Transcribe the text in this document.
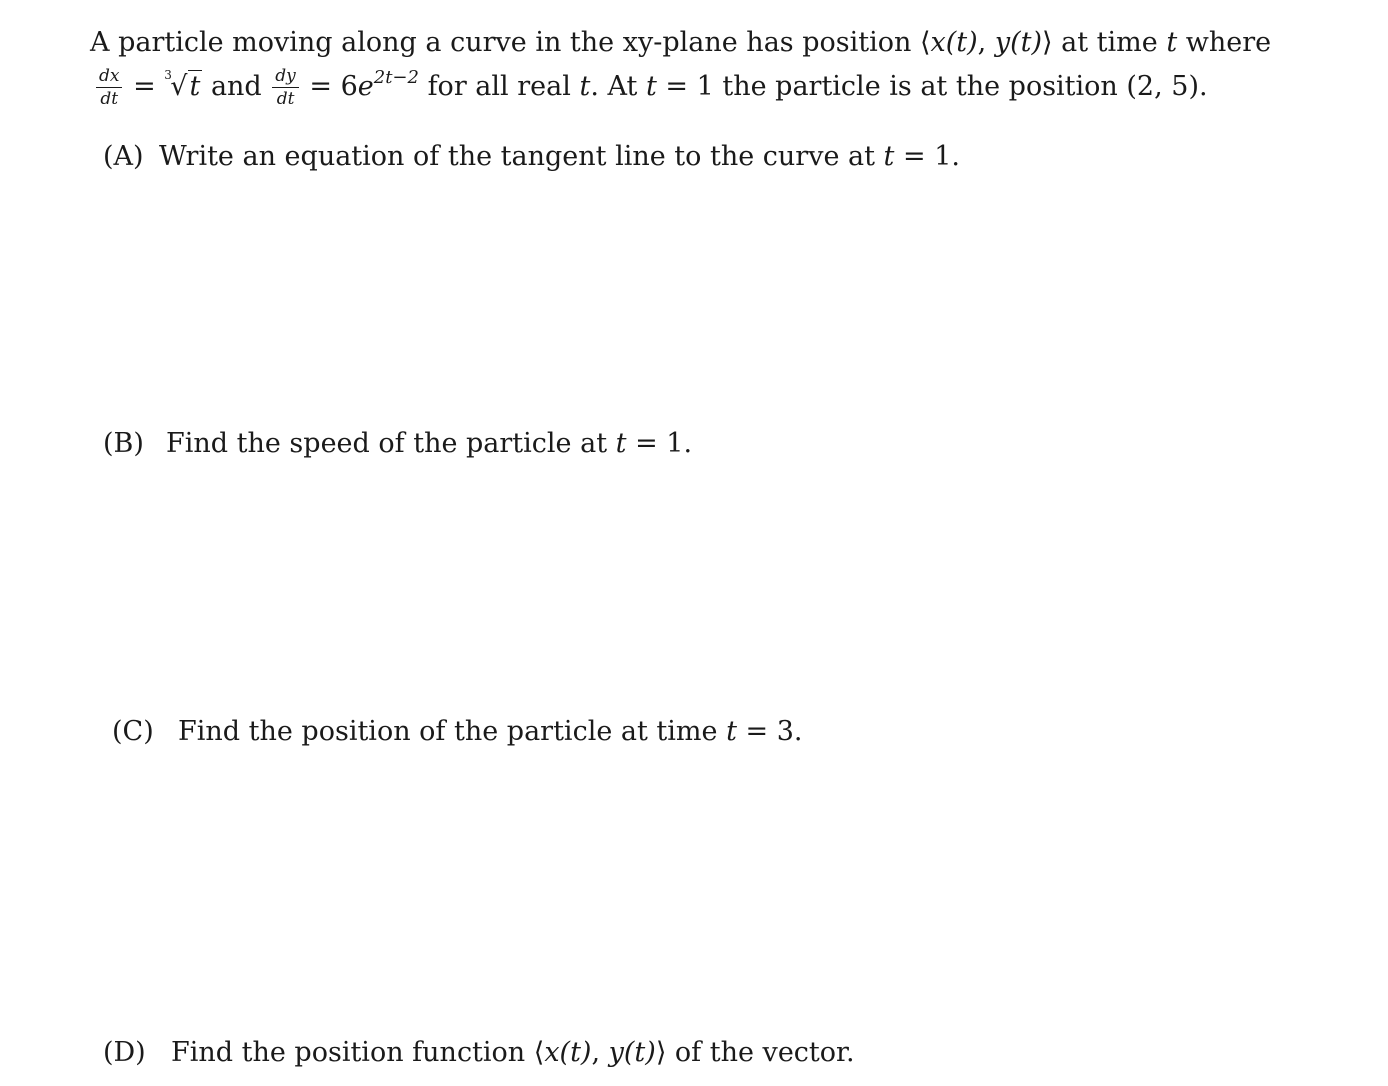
A particle moving along a curve in the xy-plane has position ⟨x(t), y(t)⟩ at time t where
$\frac{dx}{dt} = 3$
√t and $\frac{dy}{dt} = 6e^{2t-2}$ for all real t. At t = 1 the particle is at the position (2, 5).
(A) Write an equation of the tangent line to the curve at t = 1.
(B) Find the speed of the particle at t = 1.
(C) Find the position of the particle at time t = 3.
(D) Find the position function ⟨x(t), y(t)⟩ of the vector.
